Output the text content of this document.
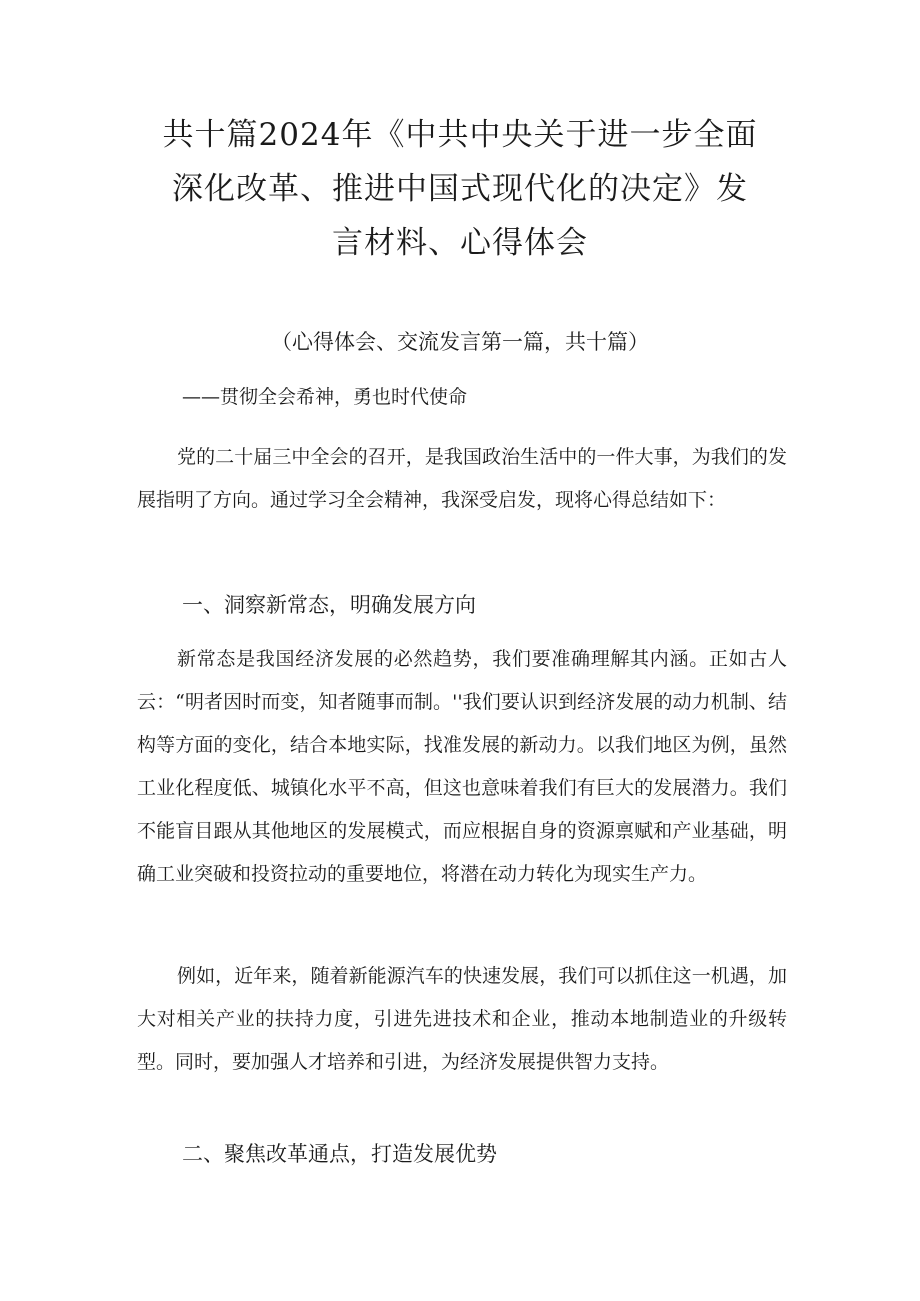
共十篇2024年《中共中央关于进一步全面
深化改革、推进中国式现代化的决定》发
言材料、心得体会

（心得体会、交流发言第一篇，共十篇）

——贯彻全会希神，勇也时代使命

党的二十届三中全会的召开，是我国政治生活中的一件大事，为我们的发展指明了方向。通过学习全会精神，我深受启发，现将心得总结如下：

一、洞察新常态，明确发展方向

新常态是我国经济发展的必然趋势，我们要准确理解其内涵。正如古人云：“明者因时而变，知者随事而制。''我们要认识到经济发展的动力机制、结构等方面的变化，结合本地实际，找准发展的新动力。以我们地区为例，虽然工业化程度低、城镇化水平不高，但这也意味着我们有巨大的发展潜力。我们不能盲目跟从其他地区的发展模式，而应根据自身的资源禀赋和产业基础，明确工业突破和投资拉动的重要地位，将潜在动力转化为现实生产力。

例如，近年来，随着新能源汽车的快速发展，我们可以抓住这一机遇，加大对相关产业的扶持力度，引进先进技术和企业，推动本地制造业的升级转型。同时，要加强人才培养和引进，为经济发展提供智力支持。

二、聚焦改革通点，打造发展优势
